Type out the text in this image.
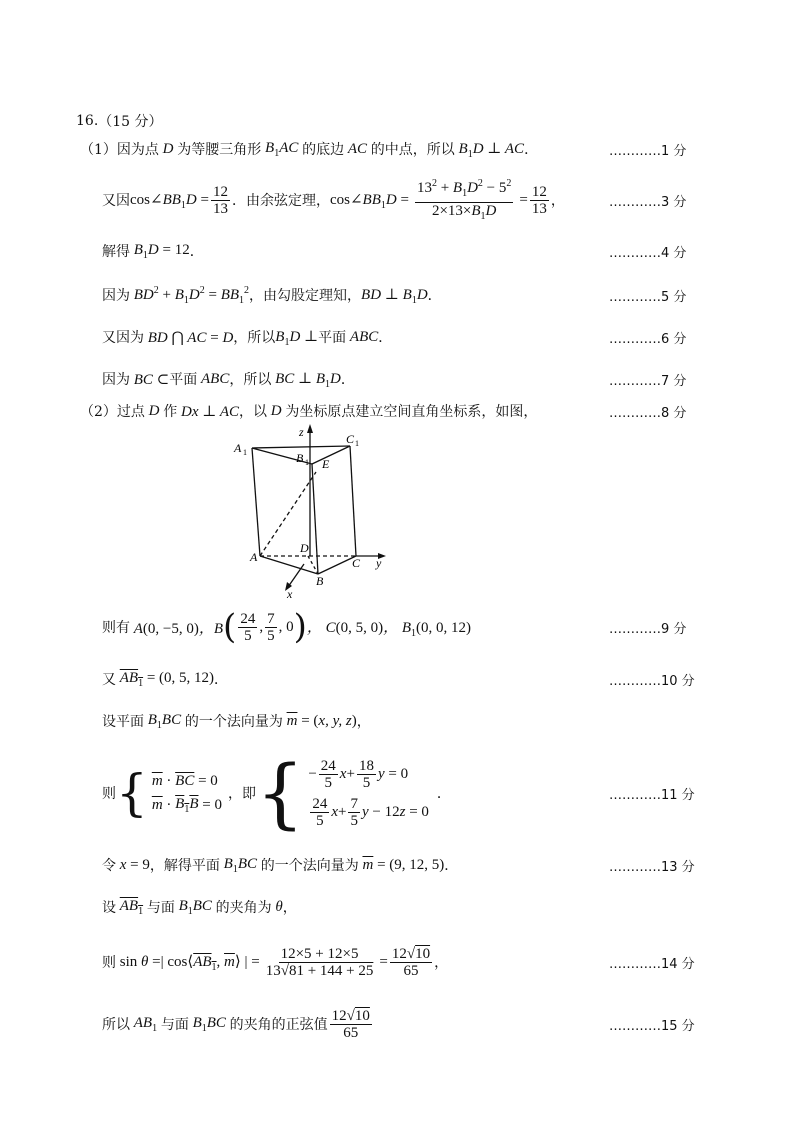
16. （15 分）
（1） 因为点 D 为等腰三角形 $B_1AC$ 的底边 AC 的中点，所以 $B_1D$ ⊥ AC ．	…………1 分
又因 $\cos\angle BB_1D = \frac{12}{13}$ ．由余弦定理， $\cos\angle BB_1D = \frac{13^2 + B_1D^2 - 5^2}{2\times 13\times B_1D} = \frac{12}{13}$ ，	…………3 分
解得 $B_1D = 12$ ．	…………4 分
因为 $BD^2 + B_1D^2 = BB_1^2$ ，由勾股定理知， BD ⊥ $B_1D$ ．	…………5 分
又因为 BD ⋂ AC = D ，所以 $B_1D$ ⊥ 平面 ABC ．	…………6 分
因为 BC ⊂ 平面 ABC ，所以 BC ⊥ $B_1D$ ．	…………7 分
（2） 过点 D 作 Dx ⊥ AC ，以 D 为坐标原点建立空间直角坐标系，如图，	…………8 分
A 1
C 1
B 1 E
A
D
B
C y
z
x
则有 A(0, −5, 0)，B ( $\frac{24}{5}$ , $\frac{7}{5}$ , 0 ) ， C(0, 5, 0)， $B_1(0$, 0, 12)	…………9 分
又 $AB_1 = (0$, 5, 12) ．	…………10 分
设平面 $B_1BC$ 的一个法向量为 $\overline{m} = (x$, y, z) ，
则 { $\overline{m} \cdot \overline{BC} = 0$
$\overline{m} \cdot B_1B = 0$
，即 { − $\frac{24}{5}$ $x + \frac{18}{5}$ y = 0
$\frac{24}{5}$ $x + \frac{7}{5}$ y − 12 z = 0
．	…………11 分
令 x = 9 ，解得平面 $B_1BC$ 的一个法向量为 $\overline{m} = (9$, 12, 5) ．	…………13 分
设 $AB_1$ 与面 $B_1BC$ 的夹角为 θ ，
则 sin θ =| $\cos⟨AB_1$, $\overline{m}⟩$ | = $\frac{12\times 5 + 12\times 5}{13√81 + 144 + 25} = \frac{12√10}{65}$ ，	…………14 分
所以 $AB_1$ 与面 $B_1BC$ 的夹角的正弦值 $\frac{12√10}{65}$	…………15 分
